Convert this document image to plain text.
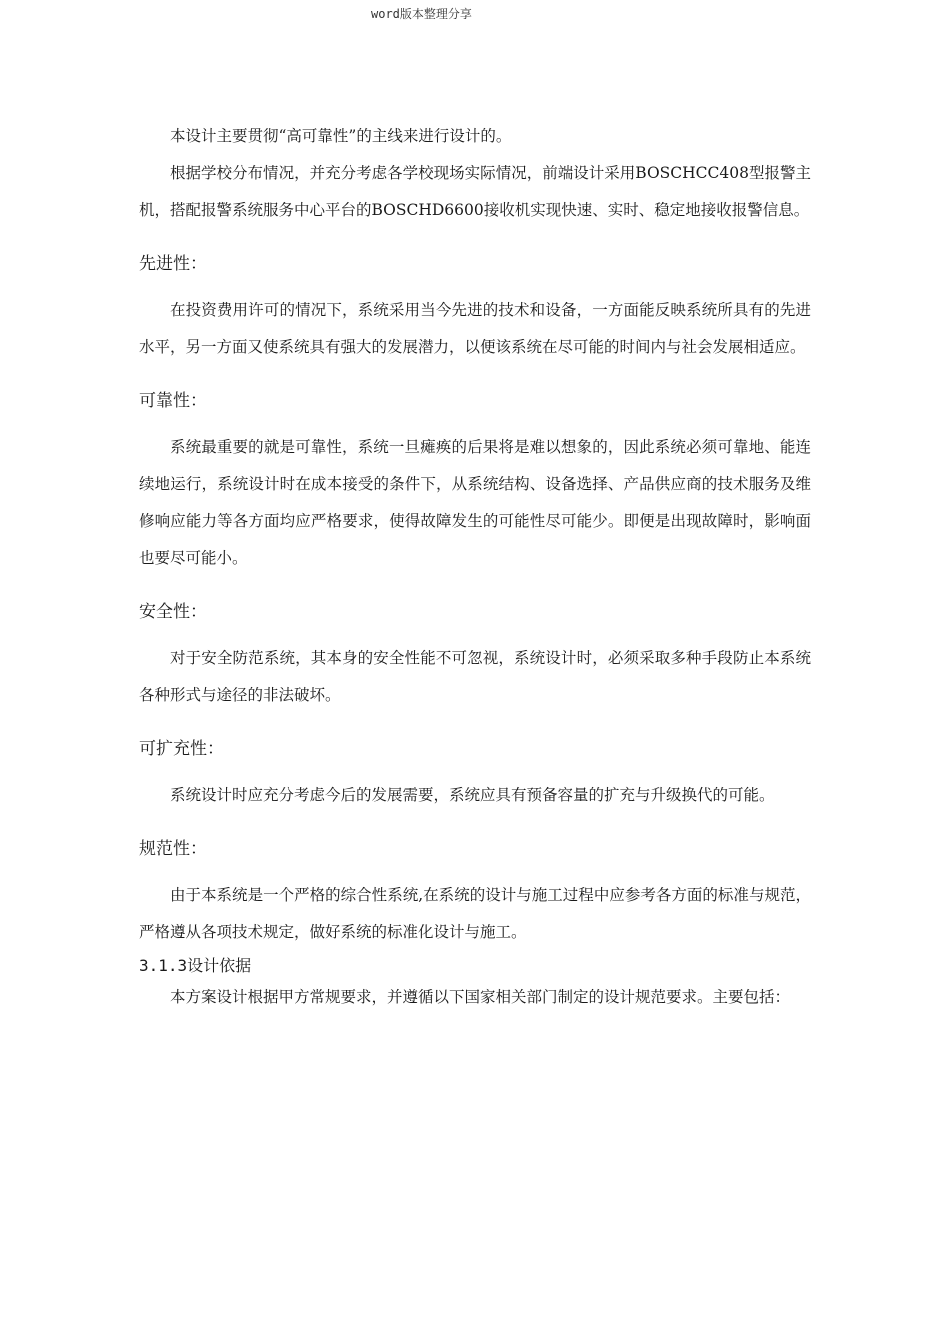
word版本整理分享

本设计主要贯彻“高可靠性”的主线来进行设计的。

根据学校分布情况，并充分考虑各学校现场实际情况，前端设计采用BOSCHCC408型报警主机，搭配报警系统服务中心平台的BOSCHD6600接收机实现快速、实时、稳定地接收报警信息。

先进性：

在投资费用许可的情况下，系统采用当今先进的技术和设备，一方面能反映系统所具有的先进水平，另一方面又使系统具有强大的发展潜力，以便该系统在尽可能的时间内与社会发展相适应。

可靠性：

系统最重要的就是可靠性，系统一旦瘫痪的后果将是难以想象的，因此系统必须可靠地、能连续地运行，系统设计时在成本接受的条件下，从系统结构、设备选择、产品供应商的技术服务及维修响应能力等各方面均应严格要求，使得故障发生的可能性尽可能少。即便是出现故障时，影响面也要尽可能小。

安全性：

对于安全防范系统，其本身的安全性能不可忽视，系统设计时，必须采取多种手段防止本系统各种形式与途径的非法破坏。

可扩充性：

系统设计时应充分考虑今后的发展需要，系统应具有预备容量的扩充与升级换代的可能。

规范性：

由于本系统是一个严格的综合性系统,在系统的设计与施工过程中应参考各方面的标准与规范，严格遵从各项技术规定，做好系统的标准化设计与施工。

3.1.3设计依据

本方案设计根据甲方常规要求，并遵循以下国家相关部门制定的设计规范要求。主要包括：
